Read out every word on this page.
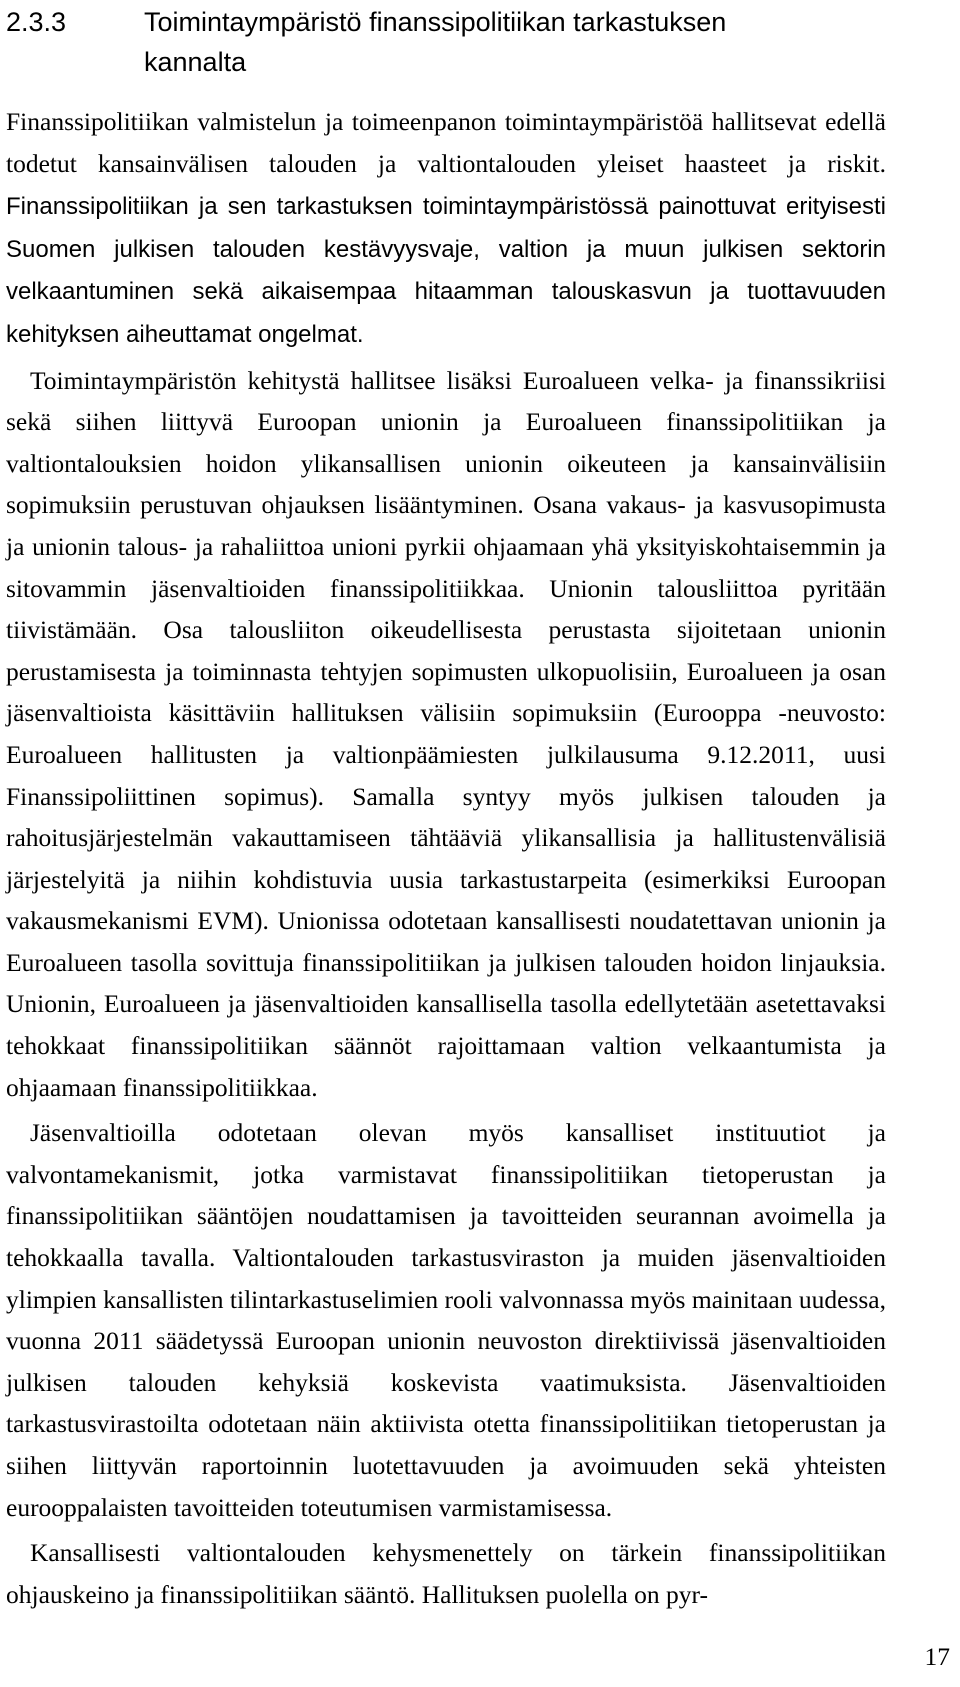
2.3.3	Toimintaympäristö finanssipolitiikan tarkastuksen
kannalta

Finanssipolitiikan valmistelun ja toimeenpanon toimintaympäristöä hallitsevat edellä todetut kansainvälisen talouden ja valtiontalouden yleiset haasteet ja riskit. Finanssipolitiikan ja sen tarkastuksen toimintaympäristössä painottuvat erityisesti Suomen julkisen talouden kestävyysvaje, valtion ja muun julkisen sektorin velkaantuminen sekä aikaisempaa hitaamman talouskasvun ja tuottavuuden kehityksen aiheuttamat ongelmat.

Toimintaympäristön kehitystä hallitsee lisäksi Euroalueen velka- ja finanssikriisi sekä siihen liittyvä Euroopan unionin ja Euroalueen finanssipolitiikan ja valtiontalouksien hoidon ylikansallisen unionin oikeuteen ja kansainvälisiin sopimuksiin perustuvan ohjauksen lisääntyminen. Osana vakaus- ja kasvusopimusta ja unionin talous- ja rahaliittoa unioni pyrkii ohjaamaan yhä yksityiskohtaisemmin ja sitovammin jäsenvaltioiden finanssipolitiikkaa. Unionin talousliittoa pyritään tiivistämään. Osa talousliiton oikeudellisesta perustasta sijoitetaan unionin perustamisesta ja toiminnasta tehtyjen sopimusten ulkopuolisiin, Euroalueen ja osan jäsenvaltioista käsittäviin hallituksen välisiin sopimuksiin (Eurooppa -neuvosto: Euroalueen hallitusten ja valtionpäämiesten julkilausuma 9.12.2011, uusi Finanssipoliittinen sopimus). Samalla syntyy myös julkisen talouden ja rahoitusjärjestelmän vakauttamiseen tähtääviä ylikansallisia ja hallitustenvälisiä järjestelyitä ja niihin kohdistuvia uusia tarkastustarpeita (esimerkiksi Euroopan vakausmekanismi EVM). Unionissa odotetaan kansallisesti noudatettavan unionin ja Euroalueen tasolla sovittuja finanssipolitiikan ja julkisen talouden hoidon linjauksia. Unionin, Euroalueen ja jäsenvaltioiden kansallisella tasolla edellytetään asetettavaksi tehokkaat finanssipolitiikan säännöt rajoittamaan valtion velkaantumista ja ohjaamaan finanssipolitiikkaa.

Jäsenvaltioilla odotetaan olevan myös kansalliset instituutiot ja valvontamekanismit, jotka varmistavat finanssipolitiikan tietoperustan ja finanssipolitiikan sääntöjen noudattamisen ja tavoitteiden seurannan avoimella ja tehokkaalla tavalla. Valtiontalouden tarkastusviraston ja muiden jäsenvaltioiden ylimpien kansallisten tilintarkastuselimien rooli valvonnassa myös mainitaan uudessa, vuonna 2011 säädetyssä Euroopan unionin neuvoston direktiivissä jäsenvaltioiden julkisen talouden kehyksiä koskevista vaatimuksista. Jäsenvaltioiden tarkastusvirastoilta odotetaan näin aktiivista otetta finanssipolitiikan tietoperustan ja siihen liittyvän raportoinnin luotettavuuden ja avoimuuden sekä yhteisten eurooppalaisten tavoitteiden toteutumisen varmistamisessa.

Kansallisesti valtiontalouden kehysmenettely on tärkein finanssipolitiikan ohjauskeino ja finanssipolitiikan sääntö. Hallituksen puolella on pyr-

17
